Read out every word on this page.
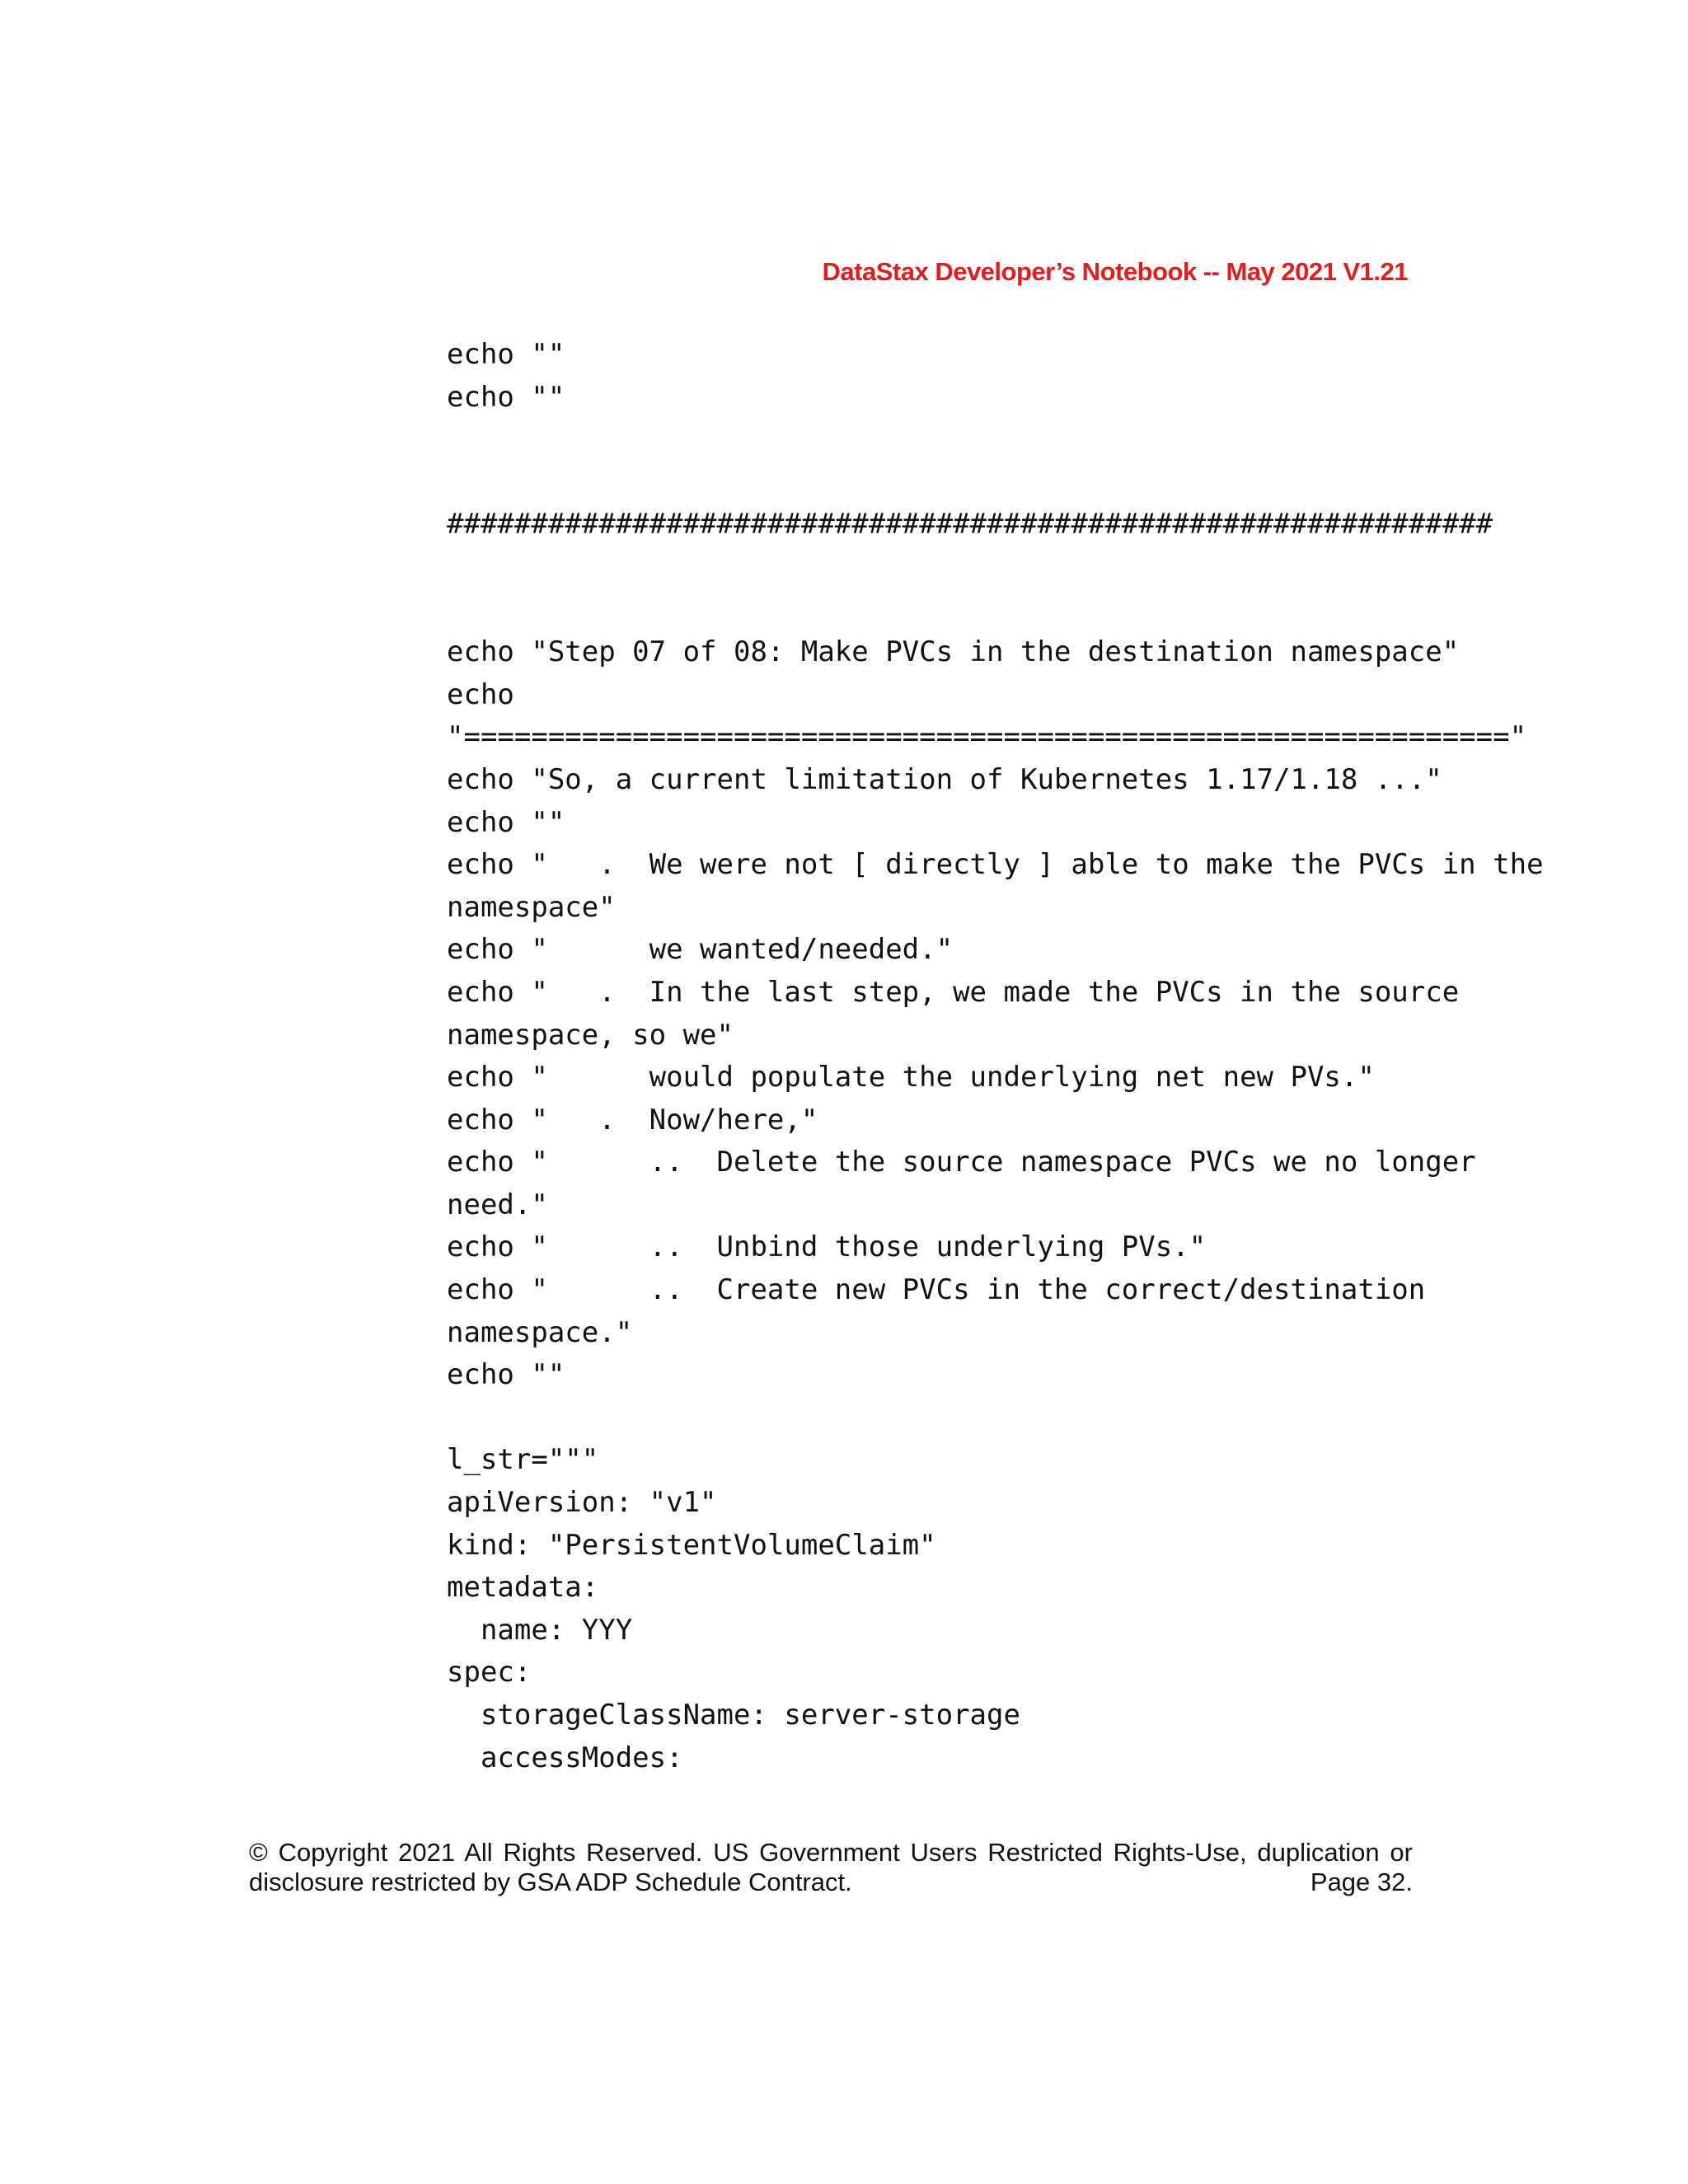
DataStax Developer’s Notebook -- May 2021 V1.21
echo ""
echo ""
##############################################################
echo "Step 07 of 08: Make PVCs in the destination namespace"
echo
"=============================================================="
echo "So, a current limitation of Kubernetes 1.17/1.18 ..."
echo ""
echo "   .  We were not [ directly ] able to make the PVCs in the
namespace"
echo "      we wanted/needed."
echo "   .  In the last step, we made the PVCs in the source
namespace, so we"
echo "      would populate the underlying net new PVs."
echo "   .  Now/here,"
echo "      ..  Delete the source namespace PVCs we no longer
need."
echo "      ..  Unbind those underlying PVs."
echo "      ..  Create new PVCs in the correct/destination
namespace."
echo ""
l_str="""
apiVersion: "v1"
kind: "PersistentVolumeClaim"
metadata:
name: YYY
spec:
storageClassName: server-storage
accessModes:
© Copyright 2021 All Rights Reserved. US Government Users Restricted Rights-Use, duplication or
disclosure restricted by GSA ADP Schedule Contract.	Page 32.
